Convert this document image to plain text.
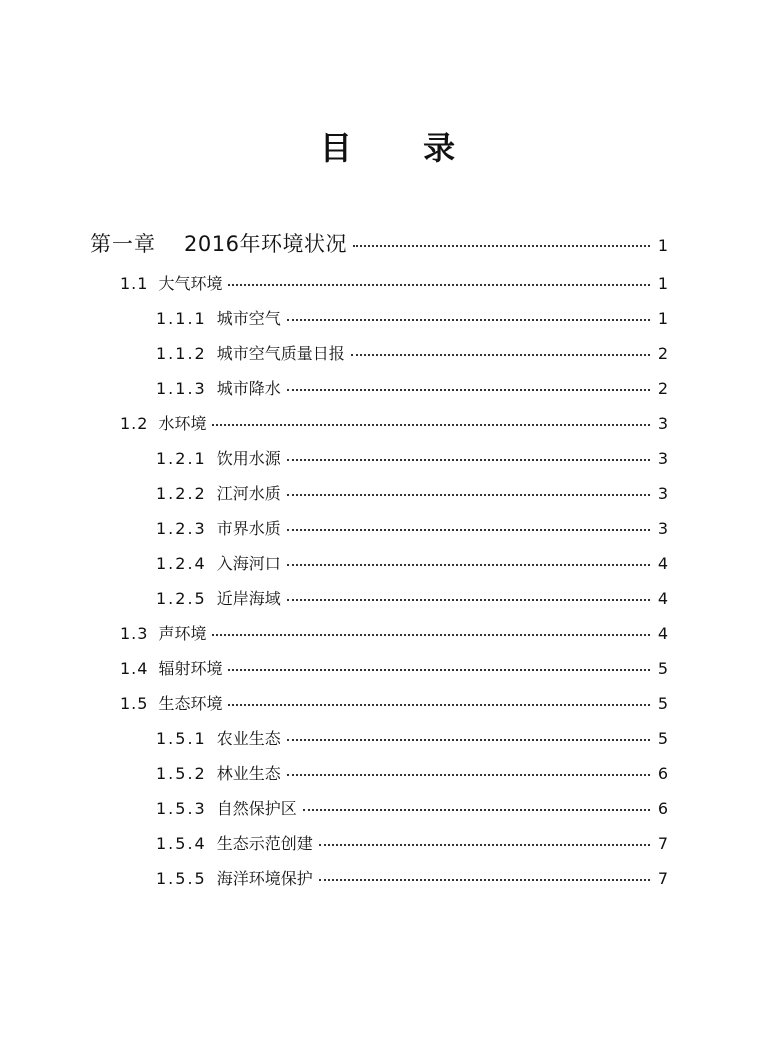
目 录
第一章 2016年环境状况	1
1.1 大气环境	1
1.1.1 城市空气	1
1.1.2 城市空气质量日报	2
1.1.3 城市降水	2
1.2 水环境	3
1.2.1 饮用水源	3
1.2.2 江河水质	3
1.2.3 市界水质	3
1.2.4 入海河口	4
1.2.5 近岸海域	4
1.3 声环境	4
1.4 辐射环境	5
1.5 生态环境	5
1.5.1 农业生态	5
1.5.2 林业生态	6
1.5.3 自然保护区	6
1.5.4 生态示范创建	7
1.5.5 海洋环境保护	7
